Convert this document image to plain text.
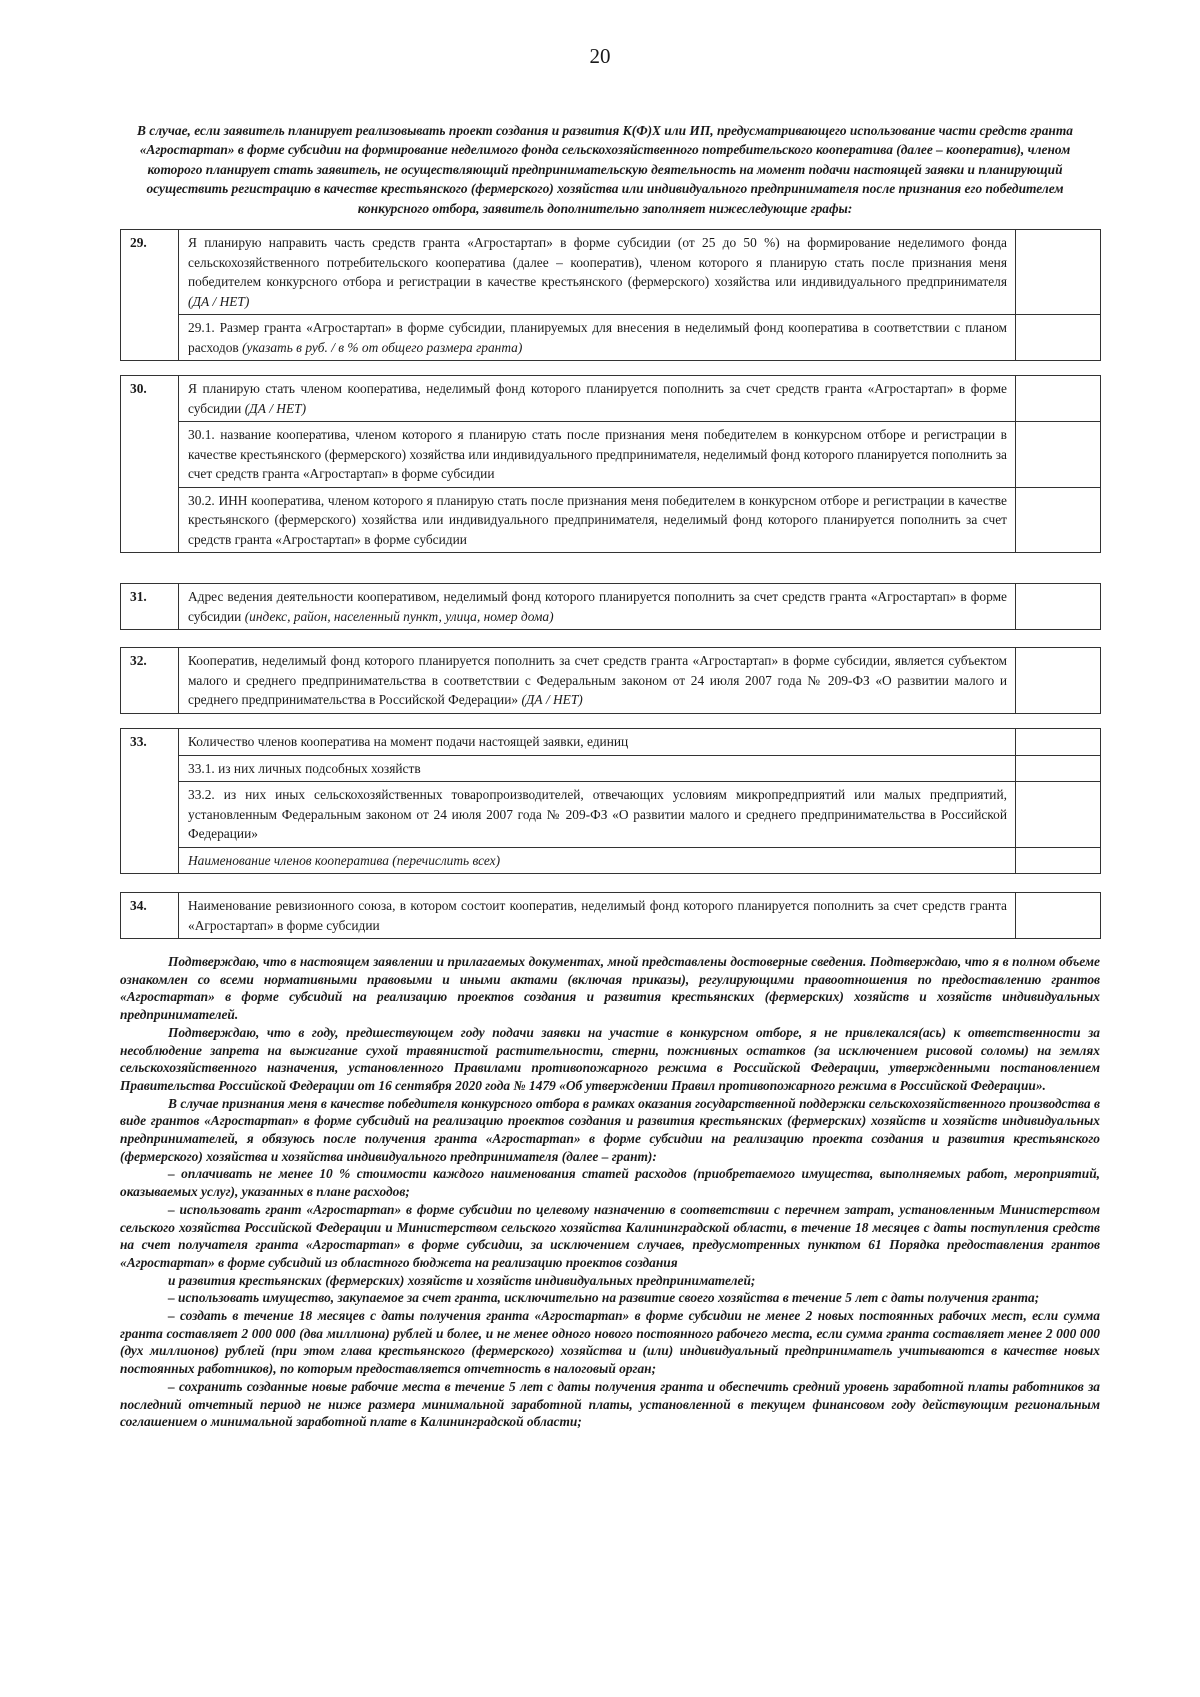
20
В случае, если заявитель планирует реализовывать проект создания и развития К(Ф)Х или ИП, предусматривающего использование части средств гранта «Агростартап» в форме субсидии на формирование неделимого фонда сельскохозяйственного потребительского кооператива (далее – кооператив), членом которого планирует стать заявитель, не осуществляющий предпринимательскую деятельность на момент подачи настоящей заявки и планирующий осуществить регистрацию в качестве крестьянского (фермерского) хозяйства или индивидуального предпринимателя после признания его победителем конкурсного отбора, заявитель дополнительно заполняет нижеследующие графы:
29.	Я планирую направить часть средств гранта «Агростартап» в форме субсидии (от 25 до 50 %) на формирование неделимого фонда сельскохозяйственного потребительского кооператива (далее – кооператив), членом которого я планирую стать после признания меня победителем конкурсного отбора и регистрации в качестве крестьянского (фермерского) хозяйства или индивидуального предпринимателя (ДА / НЕТ)	
	29.1. Размер гранта «Агростартап» в форме субсидии, планируемых для внесения в неделимый фонд кооператива в соответствии с планом расходов (указать в руб. / в % от общего размера гранта)	
30.	Я планирую стать членом кооператива, неделимый фонд которого планируется пополнить за счет средств гранта «Агростартап» в форме субсидии (ДА / НЕТ)	
	30.1. название кооператива, членом которого я планирую стать после признания меня победителем в конкурсном отборе и регистрации в качестве крестьянского (фермерского) хозяйства или индивидуального предпринимателя, неделимый фонд которого планируется пополнить за счет средств гранта «Агростартап» в форме субсидии	
	30.2. ИНН кооператива, членом которого я планирую стать после признания меня победителем в конкурсном отборе и регистрации в качестве крестьянского (фермерского) хозяйства или индивидуального предпринимателя, неделимый фонд которого планируется пополнить за счет средств гранта «Агростартап» в форме субсидии	
31.	Адрес ведения деятельности кооперативом, неделимый фонд которого планируется пополнить за счет средств гранта «Агростартап» в форме субсидии (индекс, район, населенный пункт, улица, номер дома)	
32.	Кооператив, неделимый фонд которого планируется пополнить за счет средств гранта «Агростартап» в форме субсидии, является субъектом малого и среднего предпринимательства в соответствии с Федеральным законом от 24 июля 2007 года № 209-ФЗ «О развитии малого и среднего предпринимательства в Российской Федерации» (ДА / НЕТ)	
33.	Количество членов кооператива на момент подачи настоящей заявки, единиц	
	33.1. из них личных подсобных хозяйств	
	33.2. из них иных сельскохозяйственных товаропроизводителей, отвечающих условиям микропредприятий или малых предприятий, установленным Федеральным законом от 24 июля 2007 года № 209-ФЗ «О развитии малого и среднего предпринимательства в Российской Федерации»	
	Наименование членов кооператива (перечислить всех)	
34.	Наименование ревизионного союза, в котором состоит кооператив, неделимый фонд которого планируется пополнить за счет средств гранта «Агростартап» в форме субсидии	

Подтверждаю, что в настоящем заявлении и прилагаемых документах, мной представлены достоверные сведения. Подтверждаю, что я в полном объеме ознакомлен со всеми нормативными правовыми и иными актами (включая приказы), регулирующими правоотношения по предоставлению грантов «Агростартап» в форме субсидий на реализацию проектов создания и развития крестьянских (фермерских) хозяйств и хозяйств индивидуальных предпринимателей.

Подтверждаю, что в году, предшествующем году подачи заявки на участие в конкурсном отборе, я не привлекался(ась) к ответственности за несоблюдение запрета на выжигание сухой травянистой растительности, стерни, пожнивных остатков (за исключением рисовой соломы) на землях сельскохозяйственного назначения, установленного Правилами противопожарного режима в Российской Федерации, утвержденными постановлением Правительства Российской Федерации от 16 сентября 2020 года № 1479 «Об утверждении Правил противопожарного режима в Российской Федерации».

В случае признания меня в качестве победителя конкурсного отбора в рамках оказания государственной поддержки сельскохозяйственного производства в виде грантов «Агростартап» в форме субсидий на реализацию проектов создания и развития крестьянских (фермерских) хозяйств и хозяйств индивидуальных предпринимателей, я обязуюсь после получения гранта «Агростартап» в форме субсидии на реализацию проекта создания и развития крестьянского (фермерского) хозяйства и хозяйства индивидуального предпринимателя (далее – грант):

– оплачивать не менее 10 % стоимости каждого наименования статей расходов (приобретаемого имущества, выполняемых работ, мероприятий, оказываемых услуг), указанных в плане расходов;

– использовать грант «Агростартап» в форме субсидии по целевому назначению в соответствии с перечнем затрат, установленным Министерством сельского хозяйства Российской Федерации и Министерством сельского хозяйства Калининградской области, в течение 18 месяцев с даты поступления средств на счет получателя гранта «Агростартап» в форме субсидии, за исключением случаев, предусмотренных пунктом 61 Порядка предоставления грантов «Агростартап» в форме субсидий из областного бюджета на реализацию проектов создания

и развития крестьянских (фермерских) хозяйств и хозяйств индивидуальных предпринимателей;

– использовать имущество, закупаемое за счет гранта, исключительно на развитие своего хозяйства в течение 5 лет с даты получения гранта;

– создать в течение 18 месяцев с даты получения гранта «Агростартап» в форме субсидии не менее 2 новых постоянных рабочих мест, если сумма гранта составляет 2 000 000 (два миллиона) рублей и более, и не менее одного нового постоянного рабочего места, если сумма гранта составляет менее 2 000 000 (дух миллионов) рублей (при этом глава крестьянского (фермерского) хозяйства и (или) индивидуальный предприниматель учитываются в качестве новых постоянных работников), по которым предоставляется отчетность в налоговый орган;

– сохранить созданные новые рабочие места в течение 5 лет с даты получения гранта и обеспечить средний уровень заработной платы работников за последний отчетный период не ниже размера минимальной заработной платы, установленной в текущем финансовом году действующим региональным соглашением о минимальной заработной плате в Калининградской области;
